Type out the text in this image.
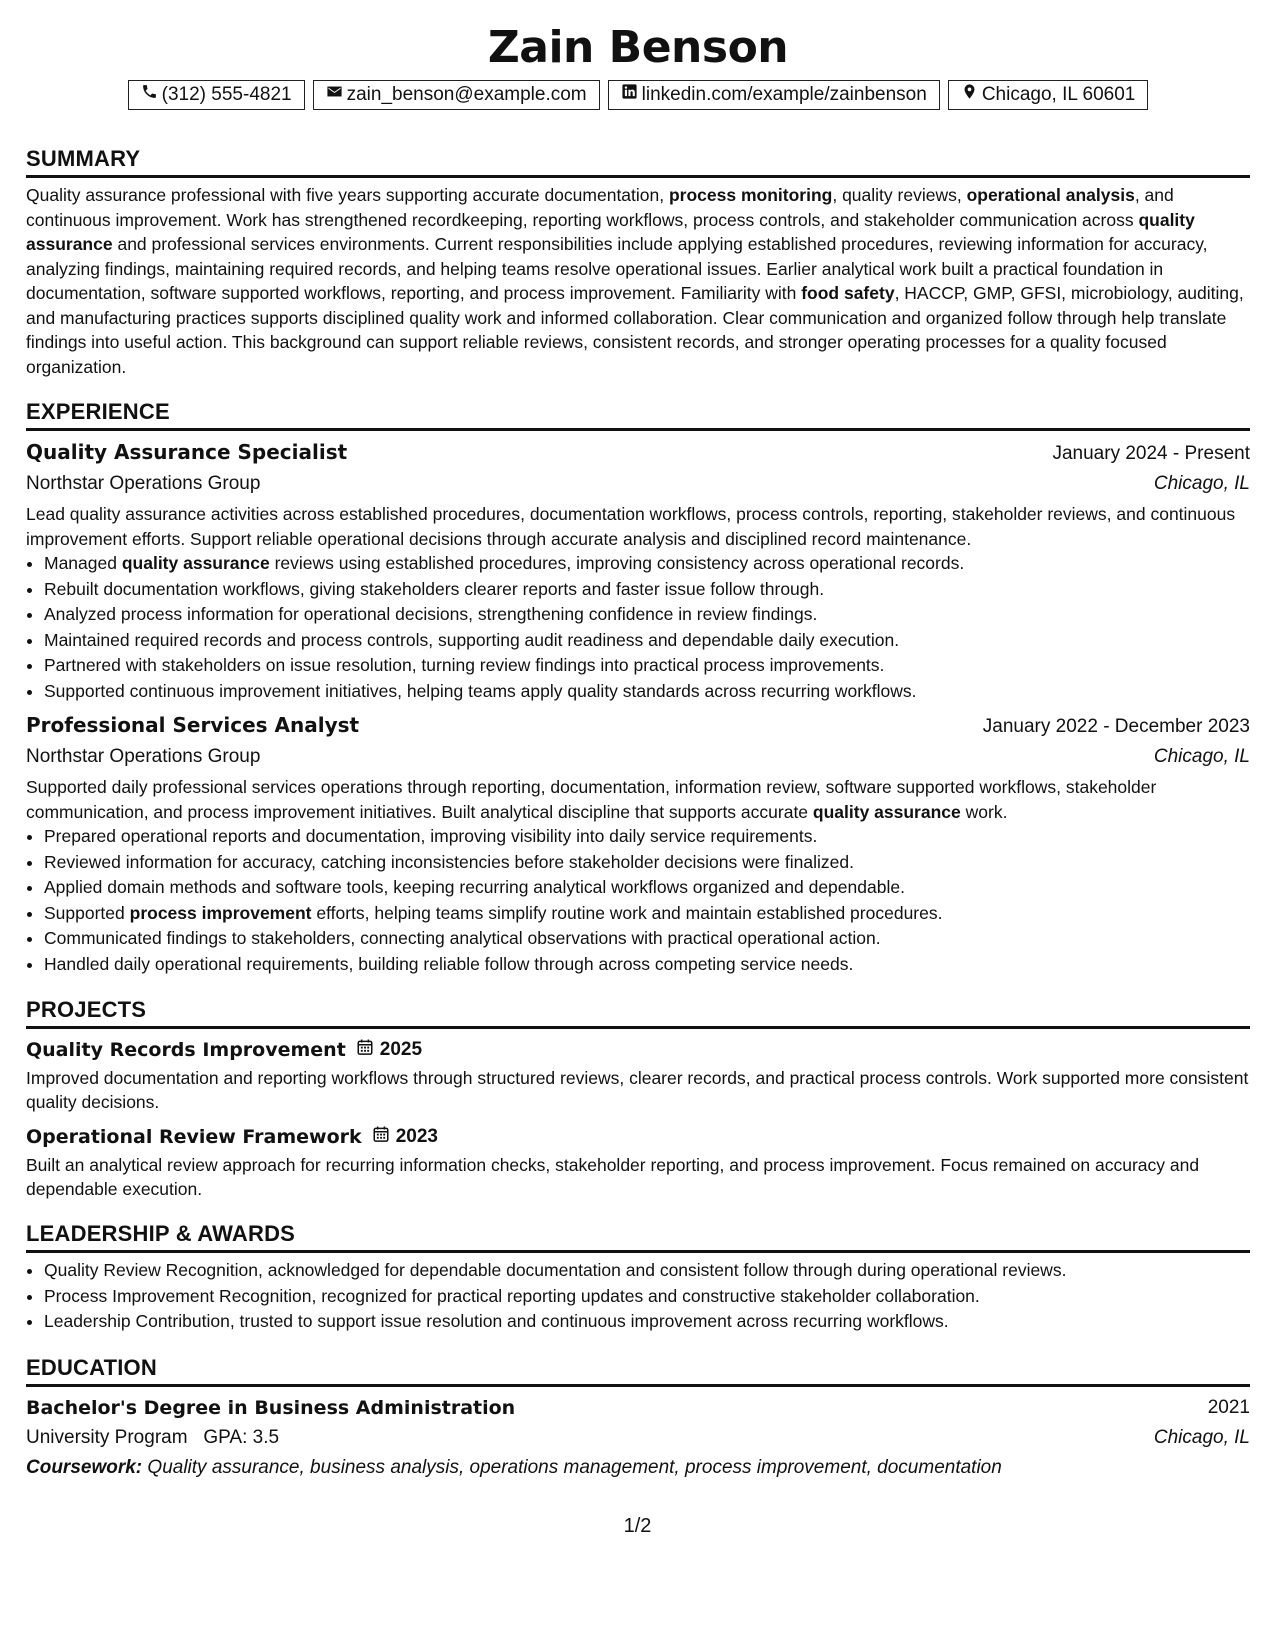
Zain Benson
(312) 555-4821	zain_benson@example.com	linkedin.com/example/zainbenson	Chicago, IL 60601
SUMMARY
Quality assurance professional with five years supporting accurate documentation, process monitoring, quality reviews, operational analysis, and continuous improvement. Work has strengthened recordkeeping, reporting workflows, process controls, and stakeholder communication across quality assurance and professional services environments. Current responsibilities include applying established procedures, reviewing information for accuracy, analyzing findings, maintaining required records, and helping teams resolve operational issues. Earlier analytical work built a practical foundation in documentation, software supported workflows, reporting, and process improvement. Familiarity with food safety, HACCP, GMP, GFSI, microbiology, auditing, and manufacturing practices supports disciplined quality work and informed collaboration. Clear communication and organized follow through help translate findings into useful action. This background can support reliable reviews, consistent records, and stronger operating processes for a quality focused organization.
EXPERIENCE
Quality Assurance Specialist	January 2024 - Present
Northstar Operations Group	Chicago, IL
Lead quality assurance activities across established procedures, documentation workflows, process controls, reporting, stakeholder reviews, and continuous improvement efforts. Support reliable operational decisions through accurate analysis and disciplined record maintenance.
• Managed quality assurance reviews using established procedures, improving consistency across operational records.
• Rebuilt documentation workflows, giving stakeholders clearer reports and faster issue follow through.
• Analyzed process information for operational decisions, strengthening confidence in review findings.
• Maintained required records and process controls, supporting audit readiness and dependable daily execution.
• Partnered with stakeholders on issue resolution, turning review findings into practical process improvements.
• Supported continuous improvement initiatives, helping teams apply quality standards across recurring workflows.
Professional Services Analyst	January 2022 - December 2023
Northstar Operations Group	Chicago, IL
Supported daily professional services operations through reporting, documentation, information review, software supported workflows, stakeholder communication, and process improvement initiatives. Built analytical discipline that supports accurate quality assurance work.
• Prepared operational reports and documentation, improving visibility into daily service requirements.
• Reviewed information for accuracy, catching inconsistencies before stakeholder decisions were finalized.
• Applied domain methods and software tools, keeping recurring analytical workflows organized and dependable.
• Supported process improvement efforts, helping teams simplify routine work and maintain established procedures.
• Communicated findings to stakeholders, connecting analytical observations with practical operational action.
• Handled daily operational requirements, building reliable follow through across competing service needs.
PROJECTS
Quality Records Improvement 2025
Improved documentation and reporting workflows through structured reviews, clearer records, and practical process controls. Work supported more consistent quality decisions.
Operational Review Framework 2023
Built an analytical review approach for recurring information checks, stakeholder reporting, and process improvement. Focus remained on accuracy and dependable execution.
LEADERSHIP & AWARDS
• Quality Review Recognition, acknowledged for dependable documentation and consistent follow through during operational reviews.
• Process Improvement Recognition, recognized for practical reporting updates and constructive stakeholder collaboration.
• Leadership Contribution, trusted to support issue resolution and continuous improvement across recurring workflows.
EDUCATION
Bachelor's Degree in Business Administration	2021
University Program GPA: 3.5	Chicago, IL
Coursework: Quality assurance, business analysis, operations management, process improvement, documentation
1/2
